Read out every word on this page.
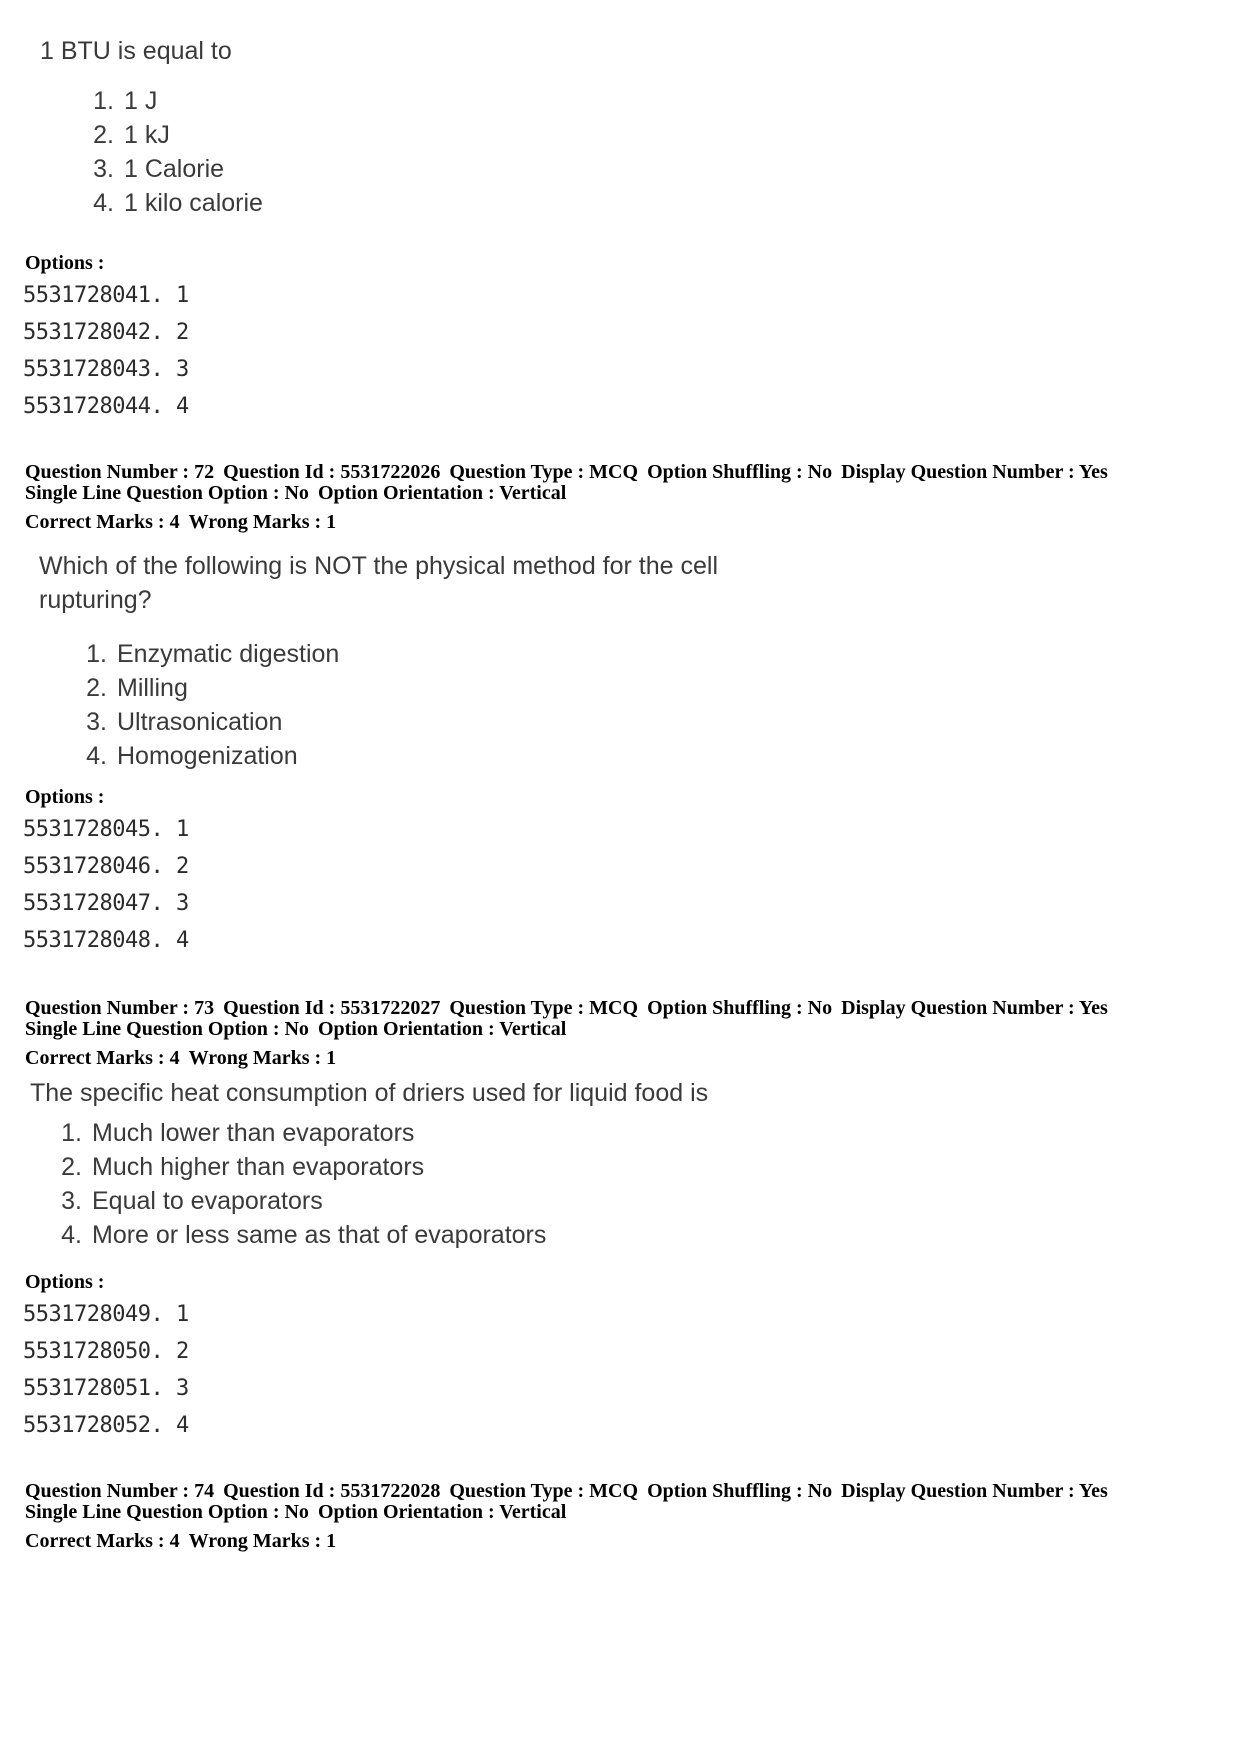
1 BTU is equal to
1. 1 J
2. 1 kJ
3. 1 Calorie
4. 1 kilo calorie
Options :
5531728041. 1
5531728042. 2
5531728043. 3
5531728044. 4
Question Number : 72 Question Id : 5531722026 Question Type : MCQ Option Shuffling : No Display Question Number : Yes
Single Line Question Option : No Option Orientation : Vertical
Correct Marks : 4 Wrong Marks : 1
Which of the following is NOT the physical method for the cell
rupturing?
1. Enzymatic digestion
2. Milling
3. Ultrasonication
4. Homogenization
Options :
5531728045. 1
5531728046. 2
5531728047. 3
5531728048. 4
Question Number : 73 Question Id : 5531722027 Question Type : MCQ Option Shuffling : No Display Question Number : Yes
Single Line Question Option : No Option Orientation : Vertical
Correct Marks : 4 Wrong Marks : 1
The specific heat consumption of driers used for liquid food is
1. Much lower than evaporators
2. Much higher than evaporators
3. Equal to evaporators
4. More or less same as that of evaporators
Options :
5531728049. 1
5531728050. 2
5531728051. 3
5531728052. 4
Question Number : 74 Question Id : 5531722028 Question Type : MCQ Option Shuffling : No Display Question Number : Yes
Single Line Question Option : No Option Orientation : Vertical
Correct Marks : 4 Wrong Marks : 1
